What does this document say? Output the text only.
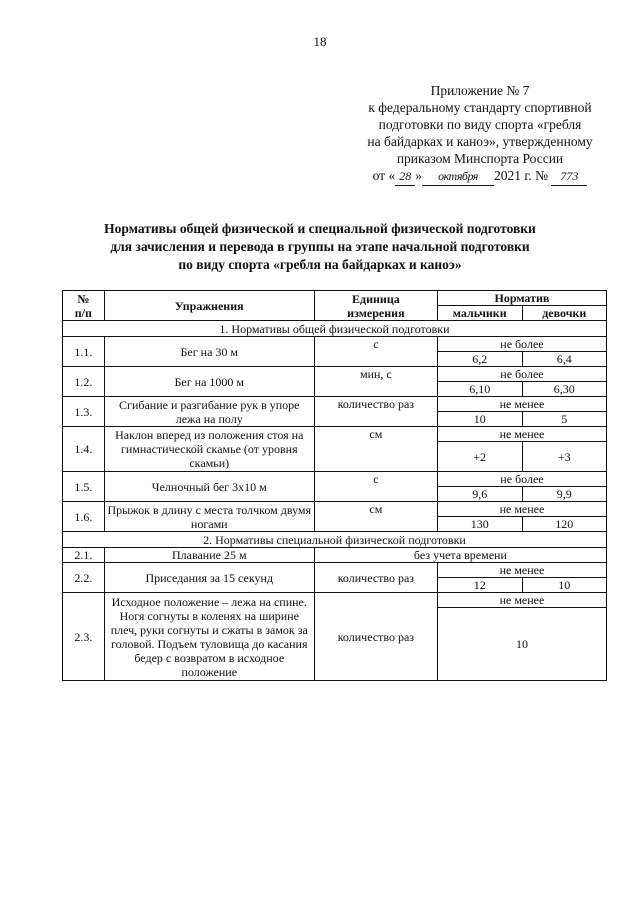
18
Приложение № 7
к федеральному стандарту спортивной
подготовки по виду спорта «гребля
на байдарках и каноэ», утвержденному
приказом Минспорта России
от « 28 » октября 2021 г. № 773
Нормативы общей физической и специальной физической подготовки
для зачисления и перевода в группы на этапе начальной подготовки
по виду спорта «гребля на байдарках и каноэ»
№
п/п	Упражнения	Единица
измерения	Норматив	
			мальчики	девочки
1. Нормативы общей физической подготовки				
1.1.	Бег на 30 м	с	не более	
			6,2	6,4
1.2.	Бег на 1000 м	мин, с	не более	
			6,10	6,30
1.3.	Сгибание и разгибание рук в упоре лежа на полу	количество раз	не менее	
			10	5
1.4.	Наклон вперед из положения стоя на гимнастической скамье (от уровня скамьи)	см	не менее	
			+2	+3
1.5.	Челночный бег 3х10 м	с	не более	
			9,6	9,9
1.6.	Прыжок в длину с места толчком двумя ногами	см	не менее	
			130	120
2. Нормативы специальной физической подготовки				
2.1.	Плавание 25 м	без учета времени		
2.2.	Приседания за 15 секунд	количество раз	не менее	
			12	10
2.3.	Исходное положение – лежа на спине. Ногя согнуты в коленях на ширине плеч, руки согнуты и сжаты в замок за головой. Подъем туловища до касания бедер с возвратом в исходное положение	количество раз	не менее	
			10	
